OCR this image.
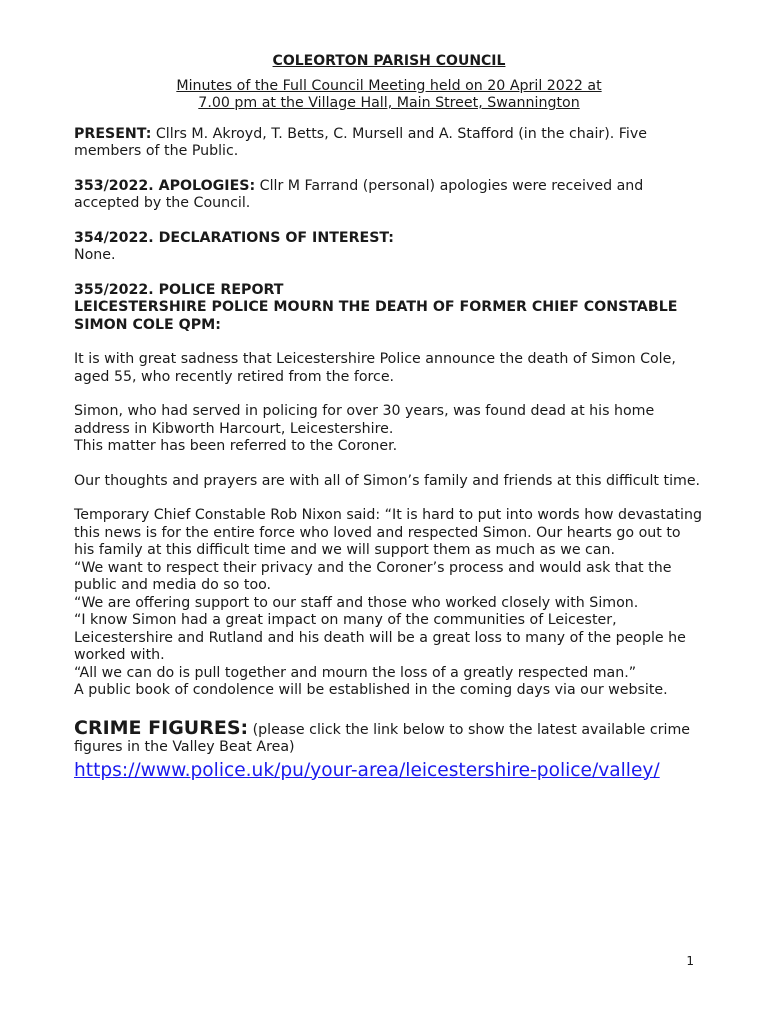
COLEORTON PARISH COUNCIL

Minutes of the Full Council Meeting held on 20 April 2022 at
7.00 pm at the Village Hall, Main Street, Swannington

PRESENT: Cllrs M. Akroyd, T. Betts, C. Mursell and A. Stafford (in the chair). Five members of the Public.

353/2022. APOLOGIES: Cllr M Farrand (personal) apologies were received and accepted by the Council.

354/2022. DECLARATIONS OF INTEREST:
None.

355/2022. POLICE REPORT
LEICESTERSHIRE POLICE MOURN THE DEATH OF FORMER CHIEF CONSTABLE SIMON COLE QPM:

It is with great sadness that Leicestershire Police announce the death of Simon Cole, aged 55, who recently retired from the force.

Simon, who had served in policing for over 30 years, was found dead at his home address in Kibworth Harcourt, Leicestershire.
This matter has been referred to the Coroner.

Our thoughts and prayers are with all of Simon’s family and friends at this difficult time.

Temporary Chief Constable Rob Nixon said: “It is hard to put into words how devastating this news is for the entire force who loved and respected Simon. Our hearts go out to his family at this difficult time and we will support them as much as we can.
“We want to respect their privacy and the Coroner’s process and would ask that the public and media do so too.
“We are offering support to our staff and those who worked closely with Simon.
“I know Simon had a great impact on many of the communities of Leicester, Leicestershire and Rutland and his death will be a great loss to many of the people he worked with.
“All we can do is pull together and mourn the loss of a greatly respected man.”
A public book of condolence will be established in the coming days via our website.

CRIME FIGURES: (please click the link below to show the latest available crime figures in the Valley Beat Area)

https://www.police.uk/pu/your-area/leicestershire-police/valley/
1
